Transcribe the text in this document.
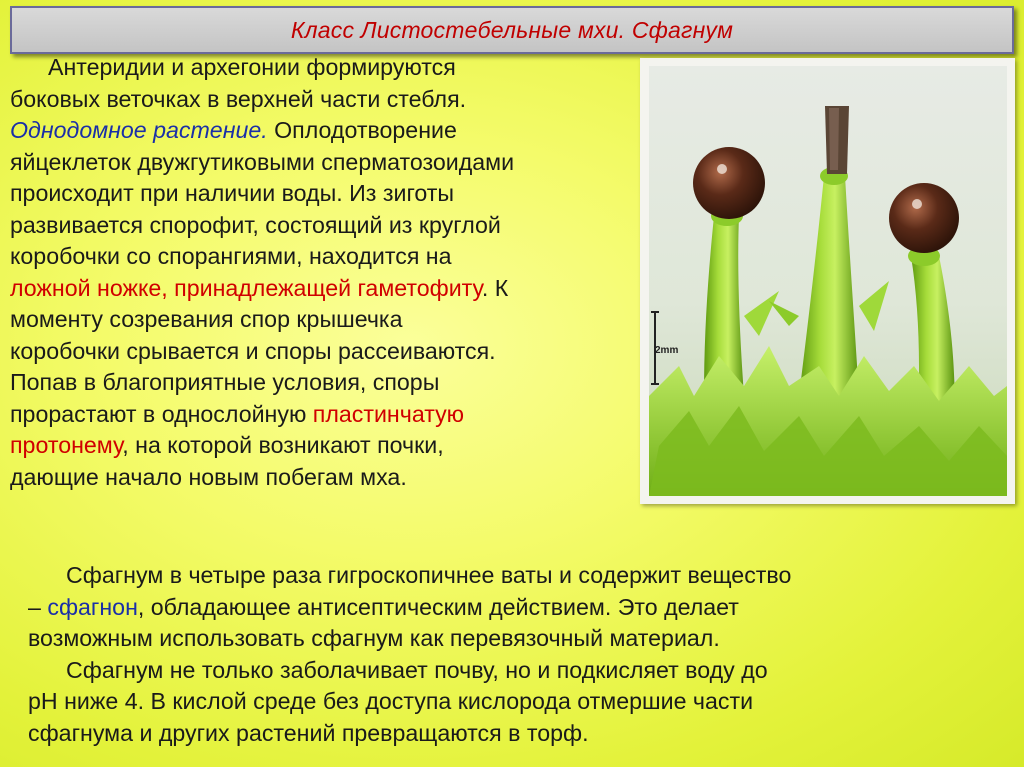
Класс Листостебельные мхи. Сфагнум

Антеридии и архегонии формируются
боковых веточках в верхней части стебля.
Однодомное растение. Оплодотворение
яйцеклеток двужгутиковыми сперматозоидами
происходит при наличии воды. Из зиготы
развивается спорофит, состоящий из круглой
коробочки со спорангиями, находится на
ложной ножке, принадлежащей гаметофиту. К
моменту созревания спор крышечка
коробочки срывается и споры рассеиваются.
Попав в благоприятные условия, споры
прорастают в однослойную пластинчатую
протонему, на которой возникают почки,
дающие начало новым побегам мха.

2mm

Сфагнум в четыре раза гигроскопичнее ваты и содержит вещество
– сфагнон, обладающее антисептическим действием. Это делает
возможным использовать сфагнум как перевязочный материал.
Сфагнум не только заболачивает почву, но и подкисляет воду до
рН ниже 4. В кислой среде без доступа кислорода отмершие части
сфагнума и других растений превращаются в торф.
